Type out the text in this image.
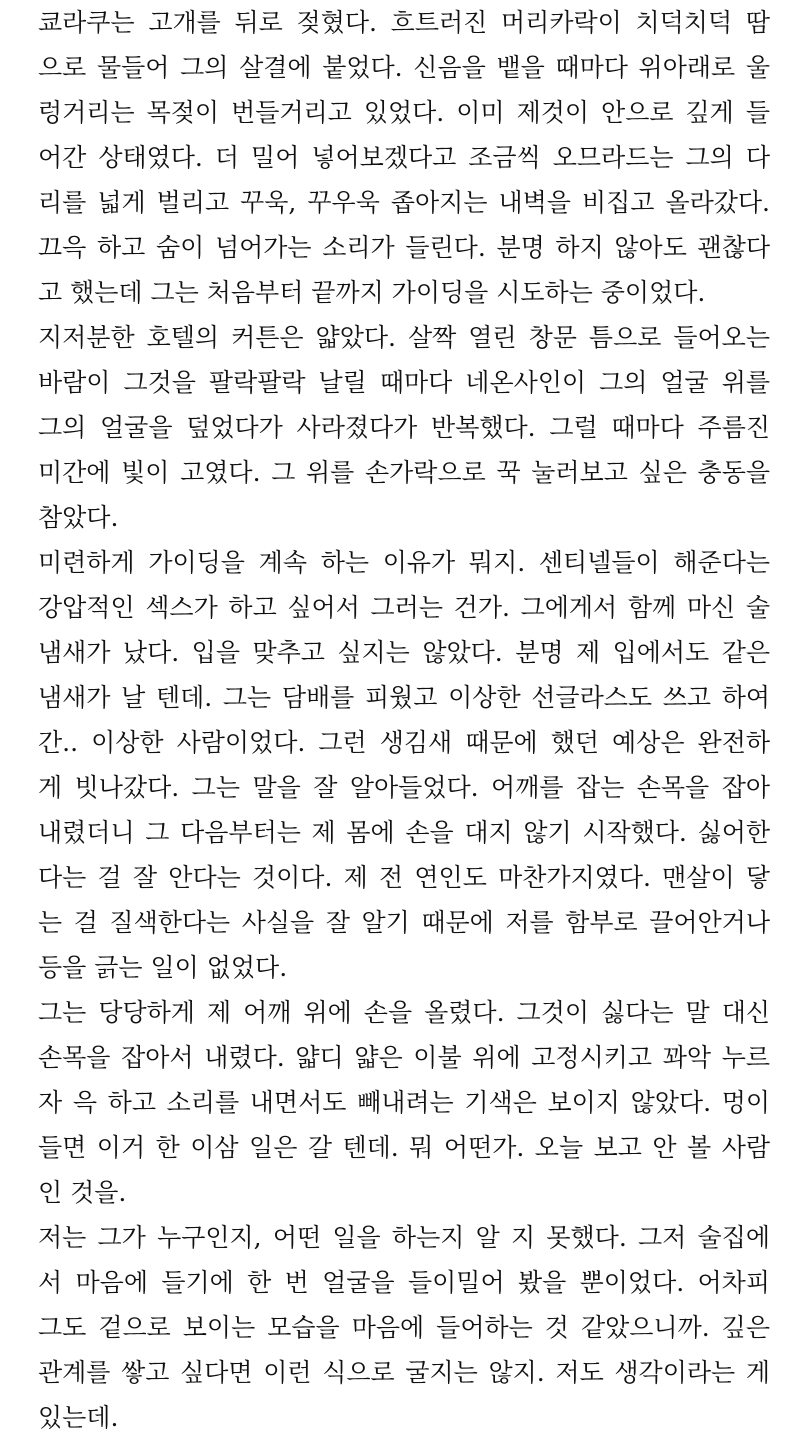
쿄라쿠는 고개를 뒤로 젖혔다. 흐트러진 머리카락이 치덕치덕 땀
으로 물들어 그의 살결에 붙었다. 신음을 뱉을 때마다 위아래로 울
렁거리는 목젖이 번들거리고 있었다. 이미 제것이 안으로 깊게 들
어간 상태였다. 더 밀어 넣어보겠다고 조금씩 오므라드는 그의 다
리를 넓게 벌리고 꾸욱, 꾸우욱 좁아지는 내벽을 비집고 올라갔다.
끄윽 하고 숨이 넘어가는 소리가 들린다. 분명 하지 않아도 괜찮다
고 했는데 그는 처음부터 끝까지 가이딩을 시도하는 중이었다.
지저분한 호텔의 커튼은 얇았다. 살짝 열린 창문 틈으로 들어오는
바람이 그것을 팔락팔락 날릴 때마다 네온사인이 그의 얼굴 위를
그의 얼굴을 덮었다가 사라졌다가 반복했다. 그럴 때마다 주름진
미간에 빛이 고였다. 그 위를 손가락으로 꾹 눌러보고 싶은 충동을
참았다.
미련하게 가이딩을 계속 하는 이유가 뭐지. 센티넬들이 해준다는
강압적인 섹스가 하고 싶어서 그러는 건가. 그에게서 함께 마신 술
냄새가 났다. 입을 맞추고 싶지는 않았다. 분명 제 입에서도 같은
냄새가 날 텐데. 그는 담배를 피웠고 이상한 선글라스도 쓰고 하여
간.. 이상한 사람이었다. 그런 생김새 때문에 했던 예상은 완전하
게 빗나갔다. 그는 말을 잘 알아들었다. 어깨를 잡는 손목을 잡아
내렸더니 그 다음부터는 제 몸에 손을 대지 않기 시작했다. 싫어한
다는 걸 잘 안다는 것이다. 제 전 연인도 마찬가지였다. 맨살이 닿
는 걸 질색한다는 사실을 잘 알기 때문에 저를 함부로 끌어안거나
등을 긁는 일이 없었다.
그는 당당하게 제 어깨 위에 손을 올렸다. 그것이 싫다는 말 대신
손목을 잡아서 내렸다. 얇디 얇은 이불 위에 고정시키고 꽈악 누르
자 윽 하고 소리를 내면서도 빼내려는 기색은 보이지 않았다. 멍이
들면 이거 한 이삼 일은 갈 텐데. 뭐 어떤가. 오늘 보고 안 볼 사람
인 것을.
저는 그가 누구인지, 어떤 일을 하는지 알 지 못했다. 그저 술집에
서 마음에 들기에 한 번 얼굴을 들이밀어 봤을 뿐이었다. 어차피
그도 겉으로 보이는 모습을 마음에 들어하는 것 같았으니까. 깊은
관계를 쌓고 싶다면 이런 식으로 굴지는 않지. 저도 생각이라는 게
있는데.
